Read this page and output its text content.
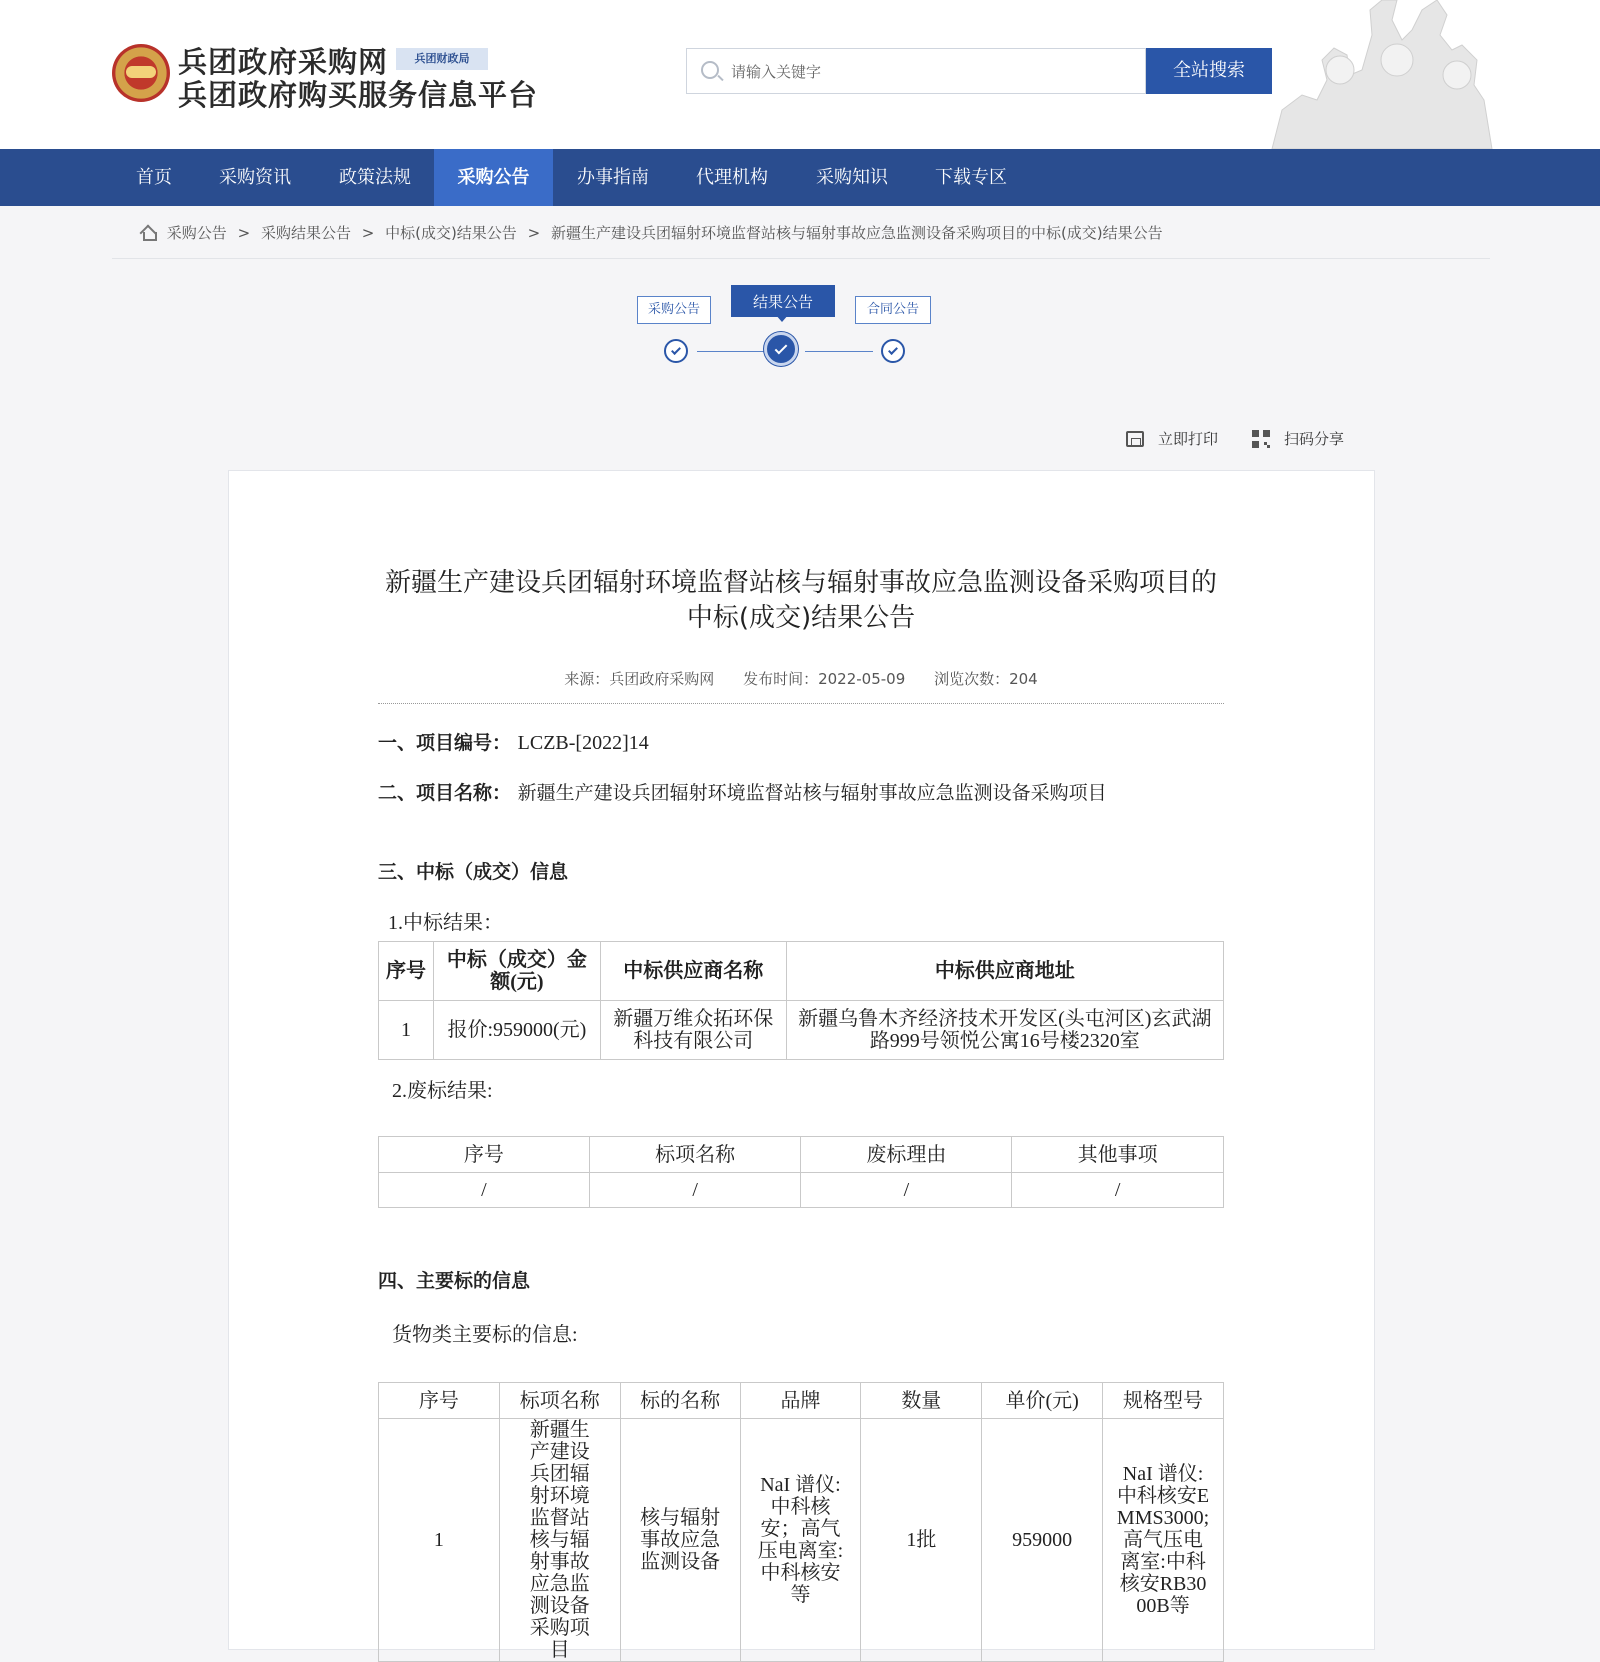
兵团政府采购网	兵团财政局
兵团政府购买服务信息平台
请输入关键字
全站搜索
首页	采购资讯	政策法规	采购公告	办事指南	代理机构	采购知识	下载专区
采购公告 > 采购结果公告 > 中标(成交)结果公告 > 新疆生产建设兵团辐射环境监督站核与辐射事故应急监测设备采购项目的中标(成交)结果公告
采购公告	结果公告	合同公告
立即打印	扫码分享
新疆生产建设兵团辐射环境监督站核与辐射事故应急监测设备采购项目的中标(成交)结果公告
来源：兵团政府采购网 发布时间：2022-05-09 浏览次数：204
一、项目编号： LCZB-[2022]14
二、项目名称： 新疆生产建设兵团辐射环境监督站核与辐射事故应急监测设备采购项目
三、中标（成交）信息
1.中标结果：
序号	中标（成交）金额(元)	中标供应商名称	中标供应商地址
1	报价:959000(元)	新疆万维众拓环保科技有限公司	新疆乌鲁木齐经济技术开发区(头屯河区)玄武湖路999号领悦公寓16号楼2320室
2.废标结果:
序号	标项名称	废标理由	其他事项
/	/	/	/
四、主要标的信息
货物类主要标的信息:
序号	标项名称	标的名称	品牌	数量	单价(元)	规格型号
1	新疆生产建设兵团辐射环境监督站核与辐射事故应急监测设备采购项目	核与辐射事故应急监测设备	NaI 谱仪:中科核安；高气压电离室:中科核安等	1批	959000	NaI 谱仪:中科核安EMMS3000;高气压电离室:中科核安RB3000B等
